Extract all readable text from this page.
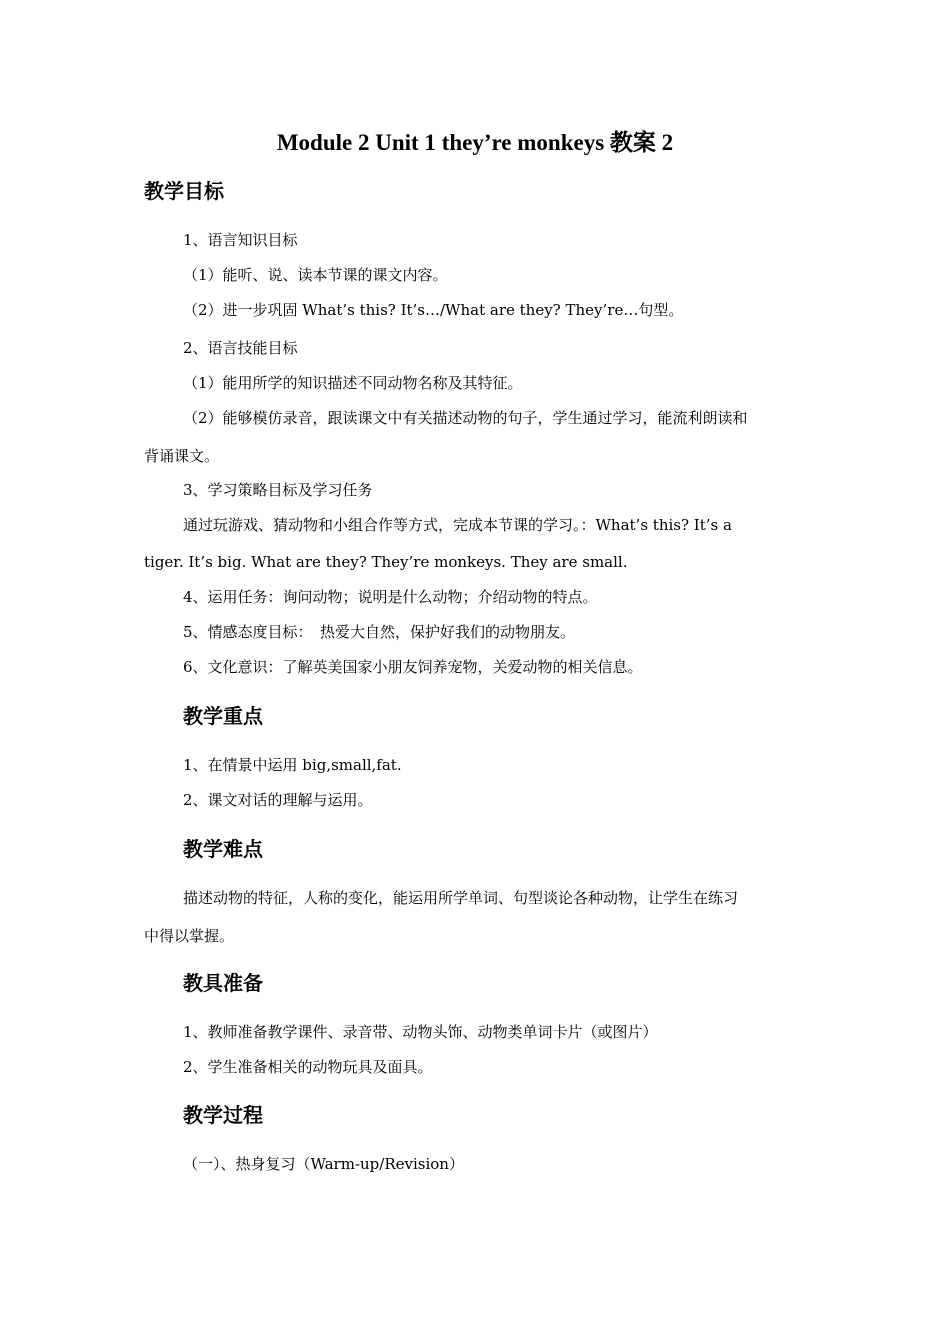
Module 2 Unit 1 they’re monkeys 教案 2
教学目标
1、语言知识目标
（1）能听、说、读本节课的课文内容。
（2）进一步巩固 What’s this? It’s…/What are they? They’re…句型。
2、语言技能目标
（1）能用所学的知识描述不同动物名称及其特征。
（2）能够模仿录音，跟读课文中有关描述动物的句子，学生通过学习，能流利朗读和
背诵课文。
3、学习策略目标及学习任务
通过玩游戏、猜动物和小组合作等方式，完成本节课的学习。：What’s this? It’s a
tiger. It’s big. What are they? They’re monkeys. They are small.
4、运用任务：询问动物；说明是什么动物；介绍动物的特点。
5、情感态度目标：　热爱大自然，保护好我们的动物朋友。
6、文化意识：了解英美国家小朋友饲养宠物，关爱动物的相关信息。
教学重点
1、在情景中运用 big,small,fat.
2、课文对话的理解与运用。
教学难点
描述动物的特征，人称的变化，能运用所学单词、句型谈论各种动物，让学生在练习
中得以掌握。
教具准备
1、教师准备教学课件、录音带、动物头饰、动物类单词卡片（或图片）
2、学生准备相关的动物玩具及面具。
教学过程
（一）、热身复习（Warm-up/Revision）
